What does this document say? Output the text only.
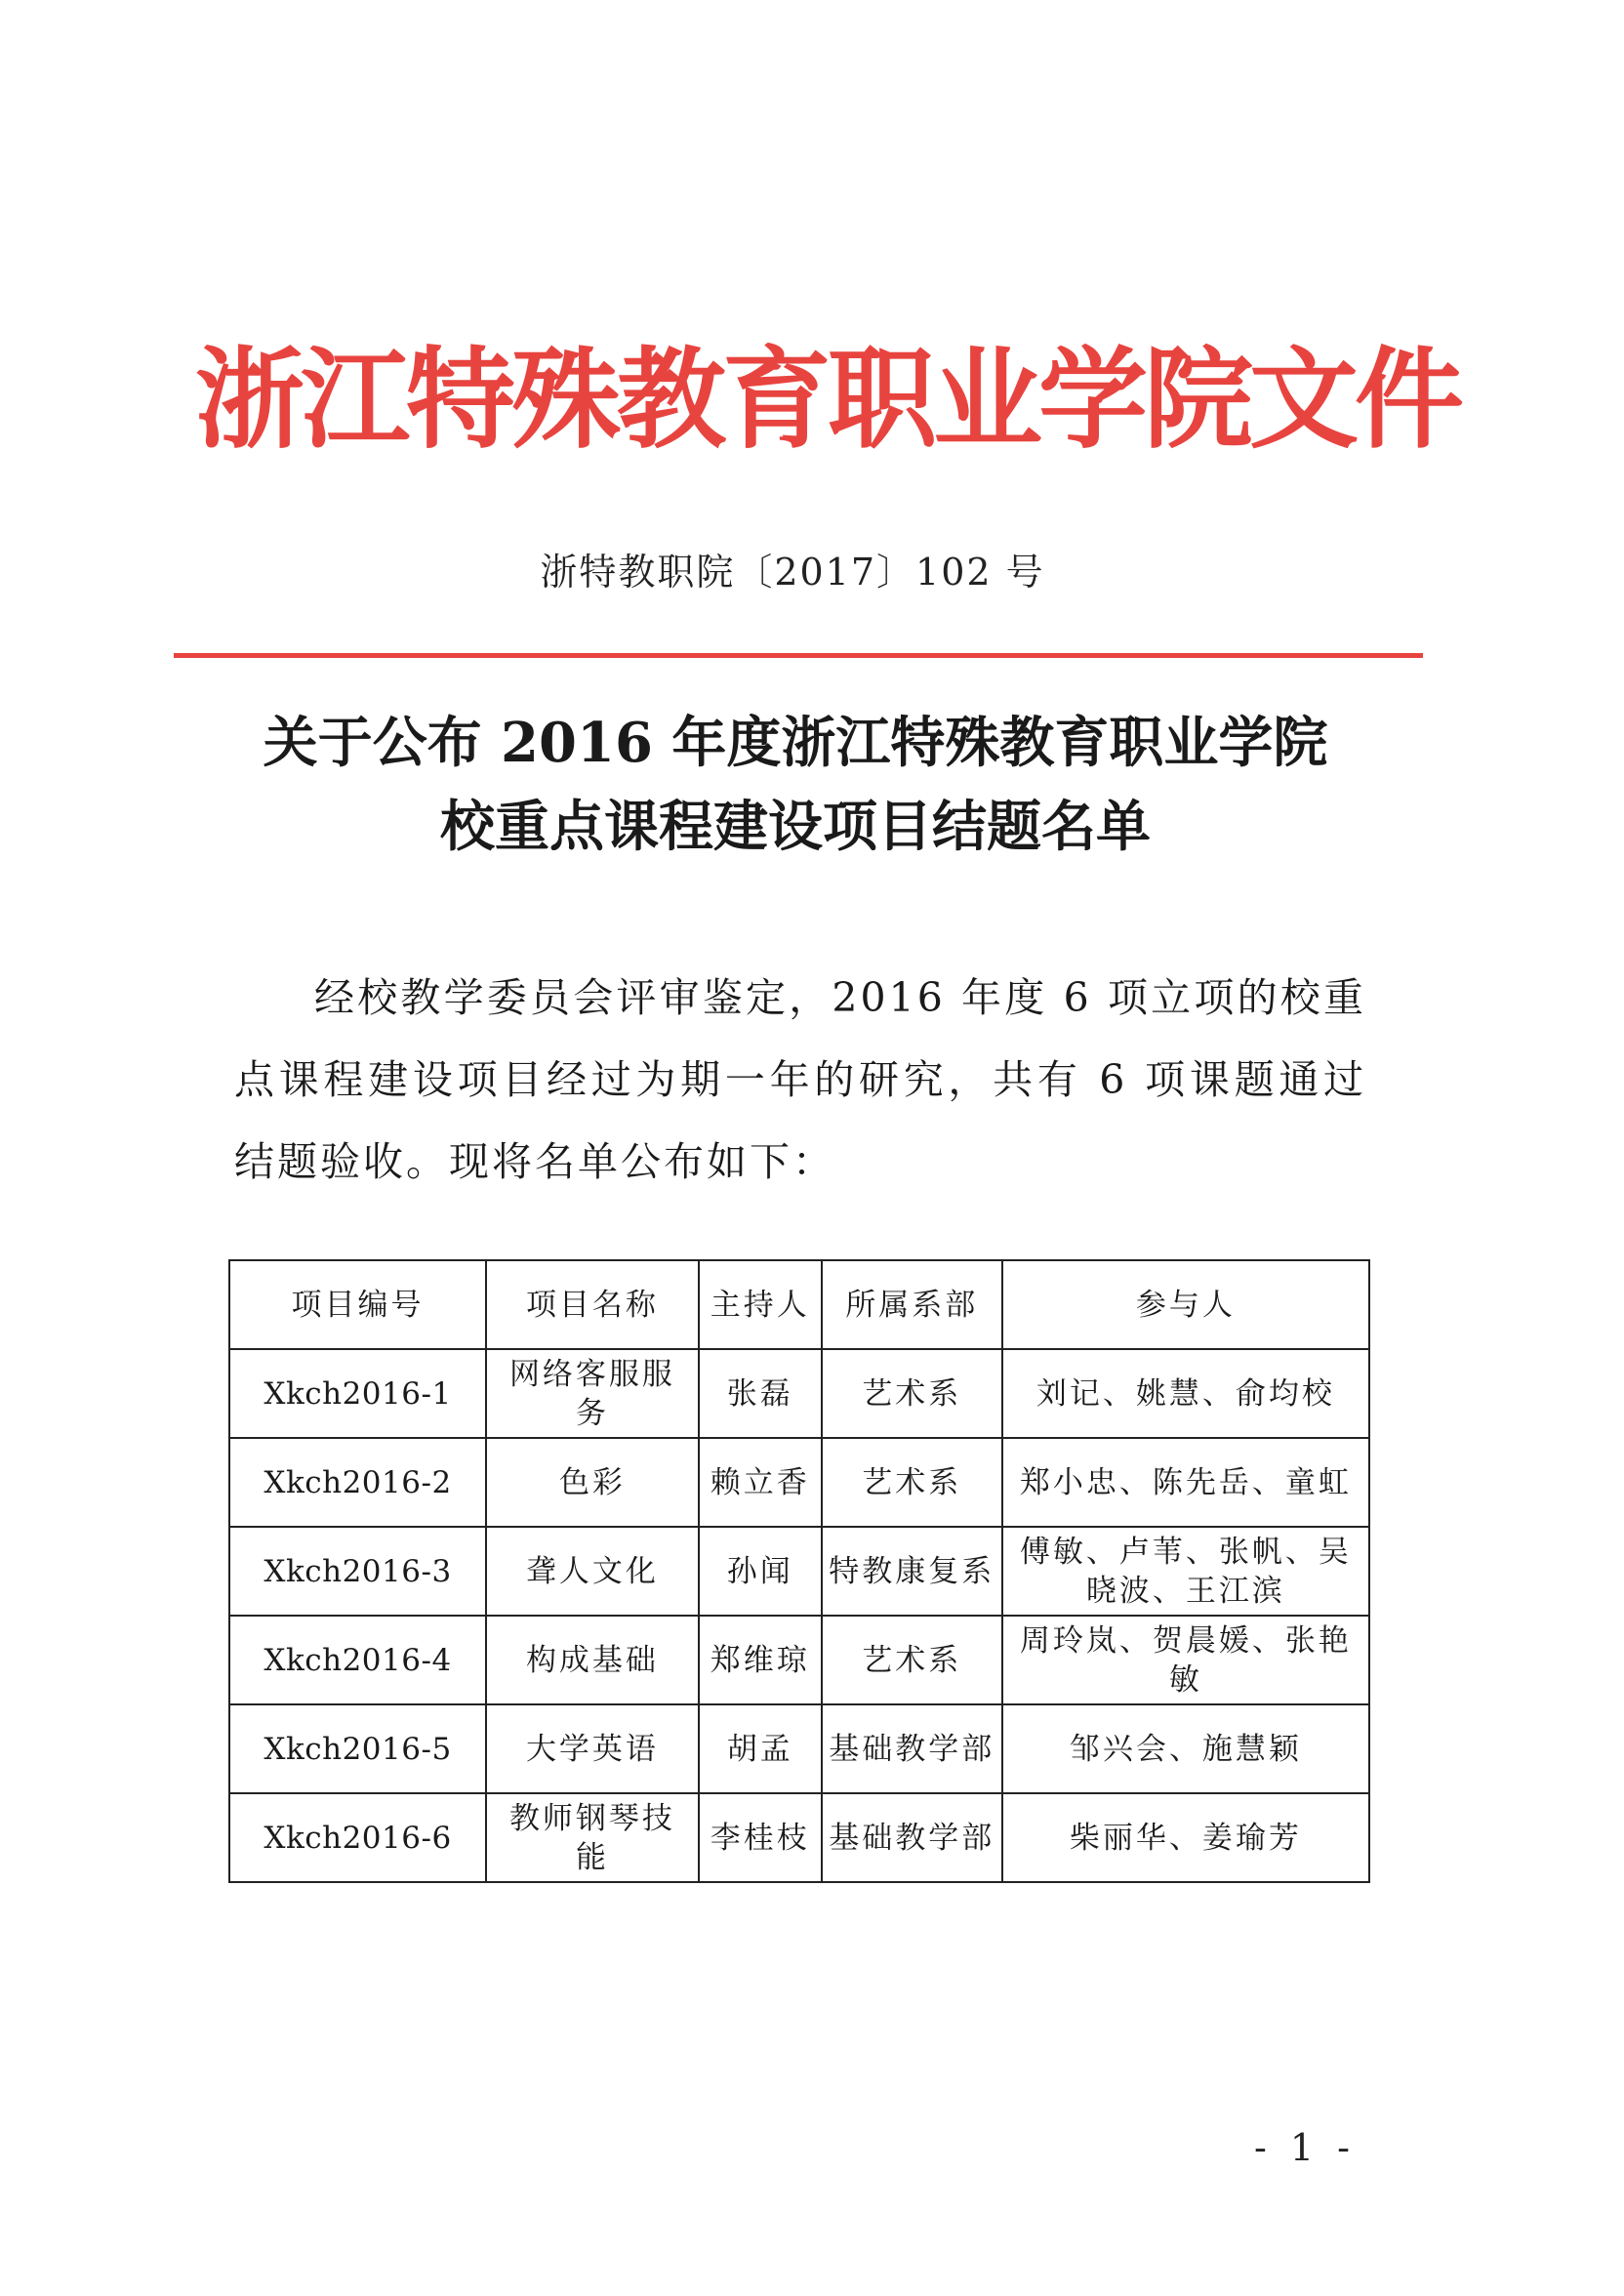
浙江特殊教育职业学院文件
浙特教职院〔2017〕102 号
关于公布 2016 年度浙江特殊教育职业学院
校重点课程建设项目结题名单

经校教学委员会评审鉴定，2016 年度 6 项立项的校重点课程建设项目经过为期一年的研究，共有 6 项课题通过结题验收。现将名单公布如下：

项目编号	项目名称	主持人	所属系部	参与人
Xkch2016-1	网络客服服务	张磊	艺术系	刘记、姚慧、俞均校
Xkch2016-2	色彩	赖立香	艺术系	郑小忠、陈先岳、童虹
Xkch2016-3	聋人文化	孙闻	特教康复系	傅敏、卢苇、张帆、吴晓波、王江滨
Xkch2016-4	构成基础	郑维琼	艺术系	周玲岚、贺晨媛、张艳敏
Xkch2016-5	大学英语	胡孟	基础教学部	邹兴会、施慧颖
Xkch2016-6	教师钢琴技能	李桂枝	基础教学部	柴丽华、姜瑜芳
- 1 -
